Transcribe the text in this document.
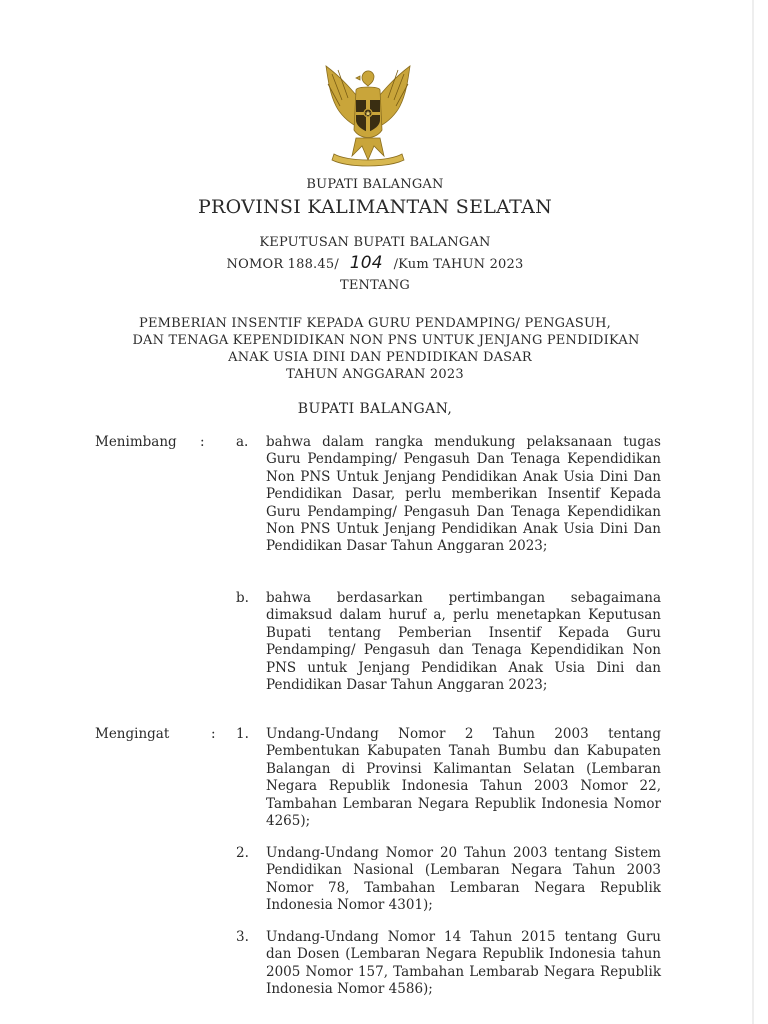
BUPATI BALANGAN
PROVINSI KALIMANTAN SELATAN
KEPUTUSAN BUPATI BALANGAN
NOMOR 188.45/ 104 /Kum TAHUN 2023
TENTANG
PEMBERIAN INSENTIF KEPADA GURU PENDAMPING/ PENGASUH,
DAN TENAGA KEPENDIDIKAN NON PNS UNTUK JENJANG PENDIDIKAN
ANAK USIA DINI DAN PENDIDIKAN DASAR
TAHUN ANGGARAN 2023
BUPATI BALANGAN,
Menimbang : a.	bahwa dalam rangka mendukung pelaksanaan tugas Guru Pendamping/ Pengasuh Dan Tenaga Kependidikan Non PNS Untuk Jenjang Pendidikan Anak Usia Dini Dan Pendidikan Dasar, perlu memberikan Insentif Kepada Guru Pendamping/ Pengasuh Dan Tenaga Kependidikan Non PNS Untuk Jenjang Pendidikan Anak Usia Dini Dan Pendidikan Dasar Tahun Anggaran 2023;
b.	bahwa berdasarkan pertimbangan sebagaimana dimaksud dalam huruf a, perlu menetapkan Keputusan Bupati tentang Pemberian Insentif Kepada Guru Pendamping/ Pengasuh dan Tenaga Kependidikan Non PNS untuk Jenjang Pendidikan Anak Usia Dini dan Pendidikan Dasar Tahun Anggaran 2023;
Mengingat	: 1.	Undang-Undang Nomor 2 Tahun 2003 tentang Pembentukan Kabupaten Tanah Bumbu dan Kabupaten Balangan di Provinsi Kalimantan Selatan (Lembaran Negara Republik Indonesia Tahun 2003 Nomor 22, Tambahan Lembaran Negara Republik Indonesia Nomor 4265);
2.	Undang-Undang Nomor 20 Tahun 2003 tentang Sistem Pendidikan Nasional (Lembaran Negara Tahun 2003 Nomor 78, Tambahan Lembaran Negara Republik Indonesia Nomor 4301);
3.	Undang-Undang Nomor 14 Tahun 2015 tentang Guru dan Dosen (Lembaran Negara Republik Indonesia tahun 2005 Nomor 157, Tambahan Lembarab Negara Republik Indonesia Nomor 4586);
